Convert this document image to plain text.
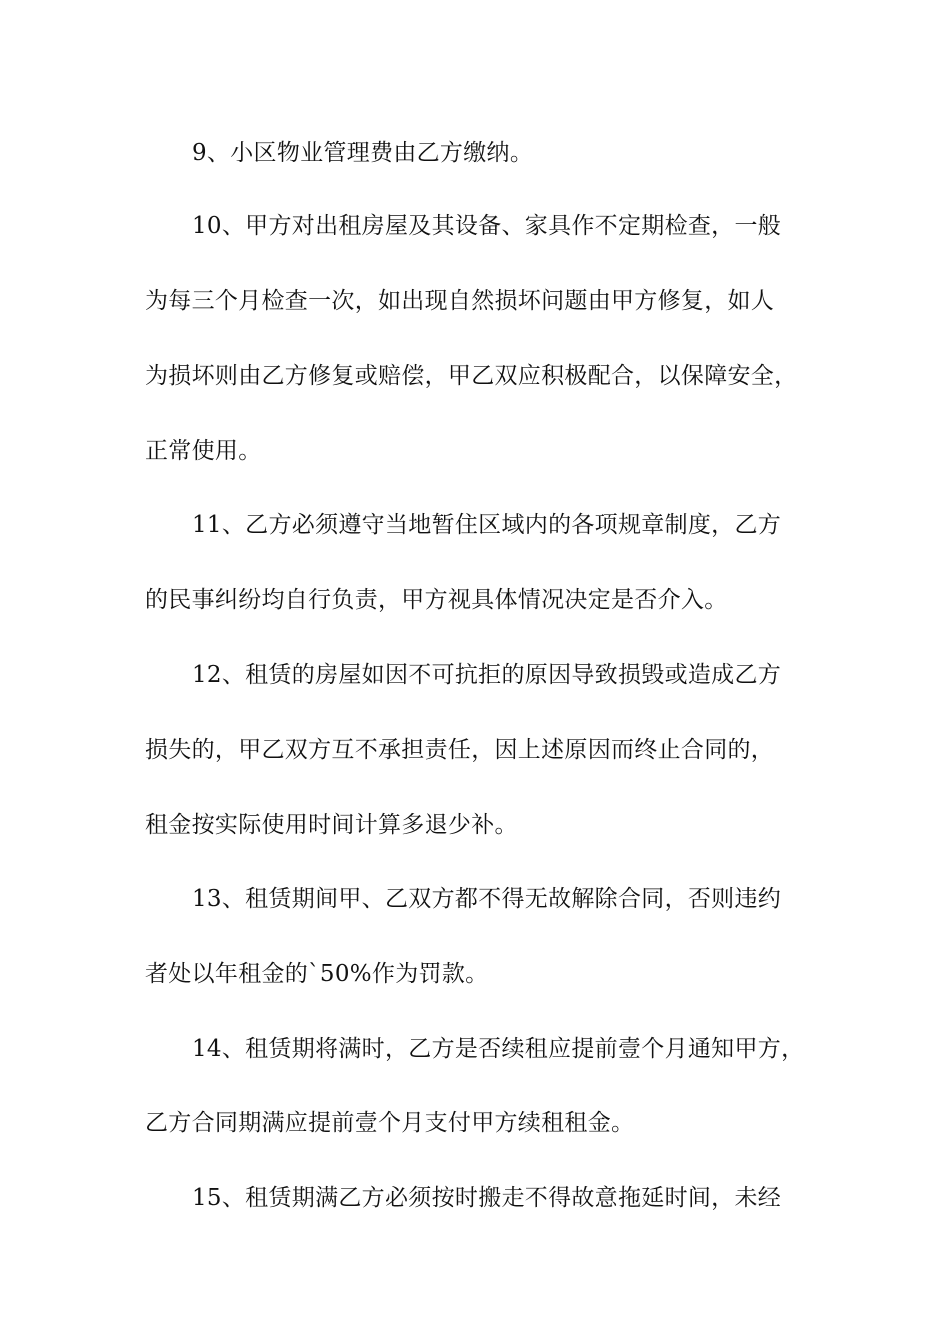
9、小区物业管理费由乙方缴纳。
10、甲方对出租房屋及其设备、家具作不定期检查，一般
为每三个月检查一次，如出现自然损坏问题由甲方修复，如人
为损坏则由乙方修复或赔偿，甲乙双应积极配合，以保障安全，
正常使用。
11、乙方必须遵守当地暂住区域内的各项规章制度，乙方
的民事纠纷均自行负责，甲方视具体情况决定是否介入。
12、租赁的房屋如因不可抗拒的原因导致损毁或造成乙方
损失的，甲乙双方互不承担责任，因上述原因而终止合同的，
租金按实际使用时间计算多退少补。
13、租赁期间甲、乙双方都不得无故解除合同，否则违约
者处以年租金的`50%作为罚款。
14、租赁期将满时，乙方是否续租应提前壹个月通知甲方，
乙方合同期满应提前壹个月支付甲方续租租金。
15、租赁期满乙方必须按时搬走不得故意拖延时间，未经
